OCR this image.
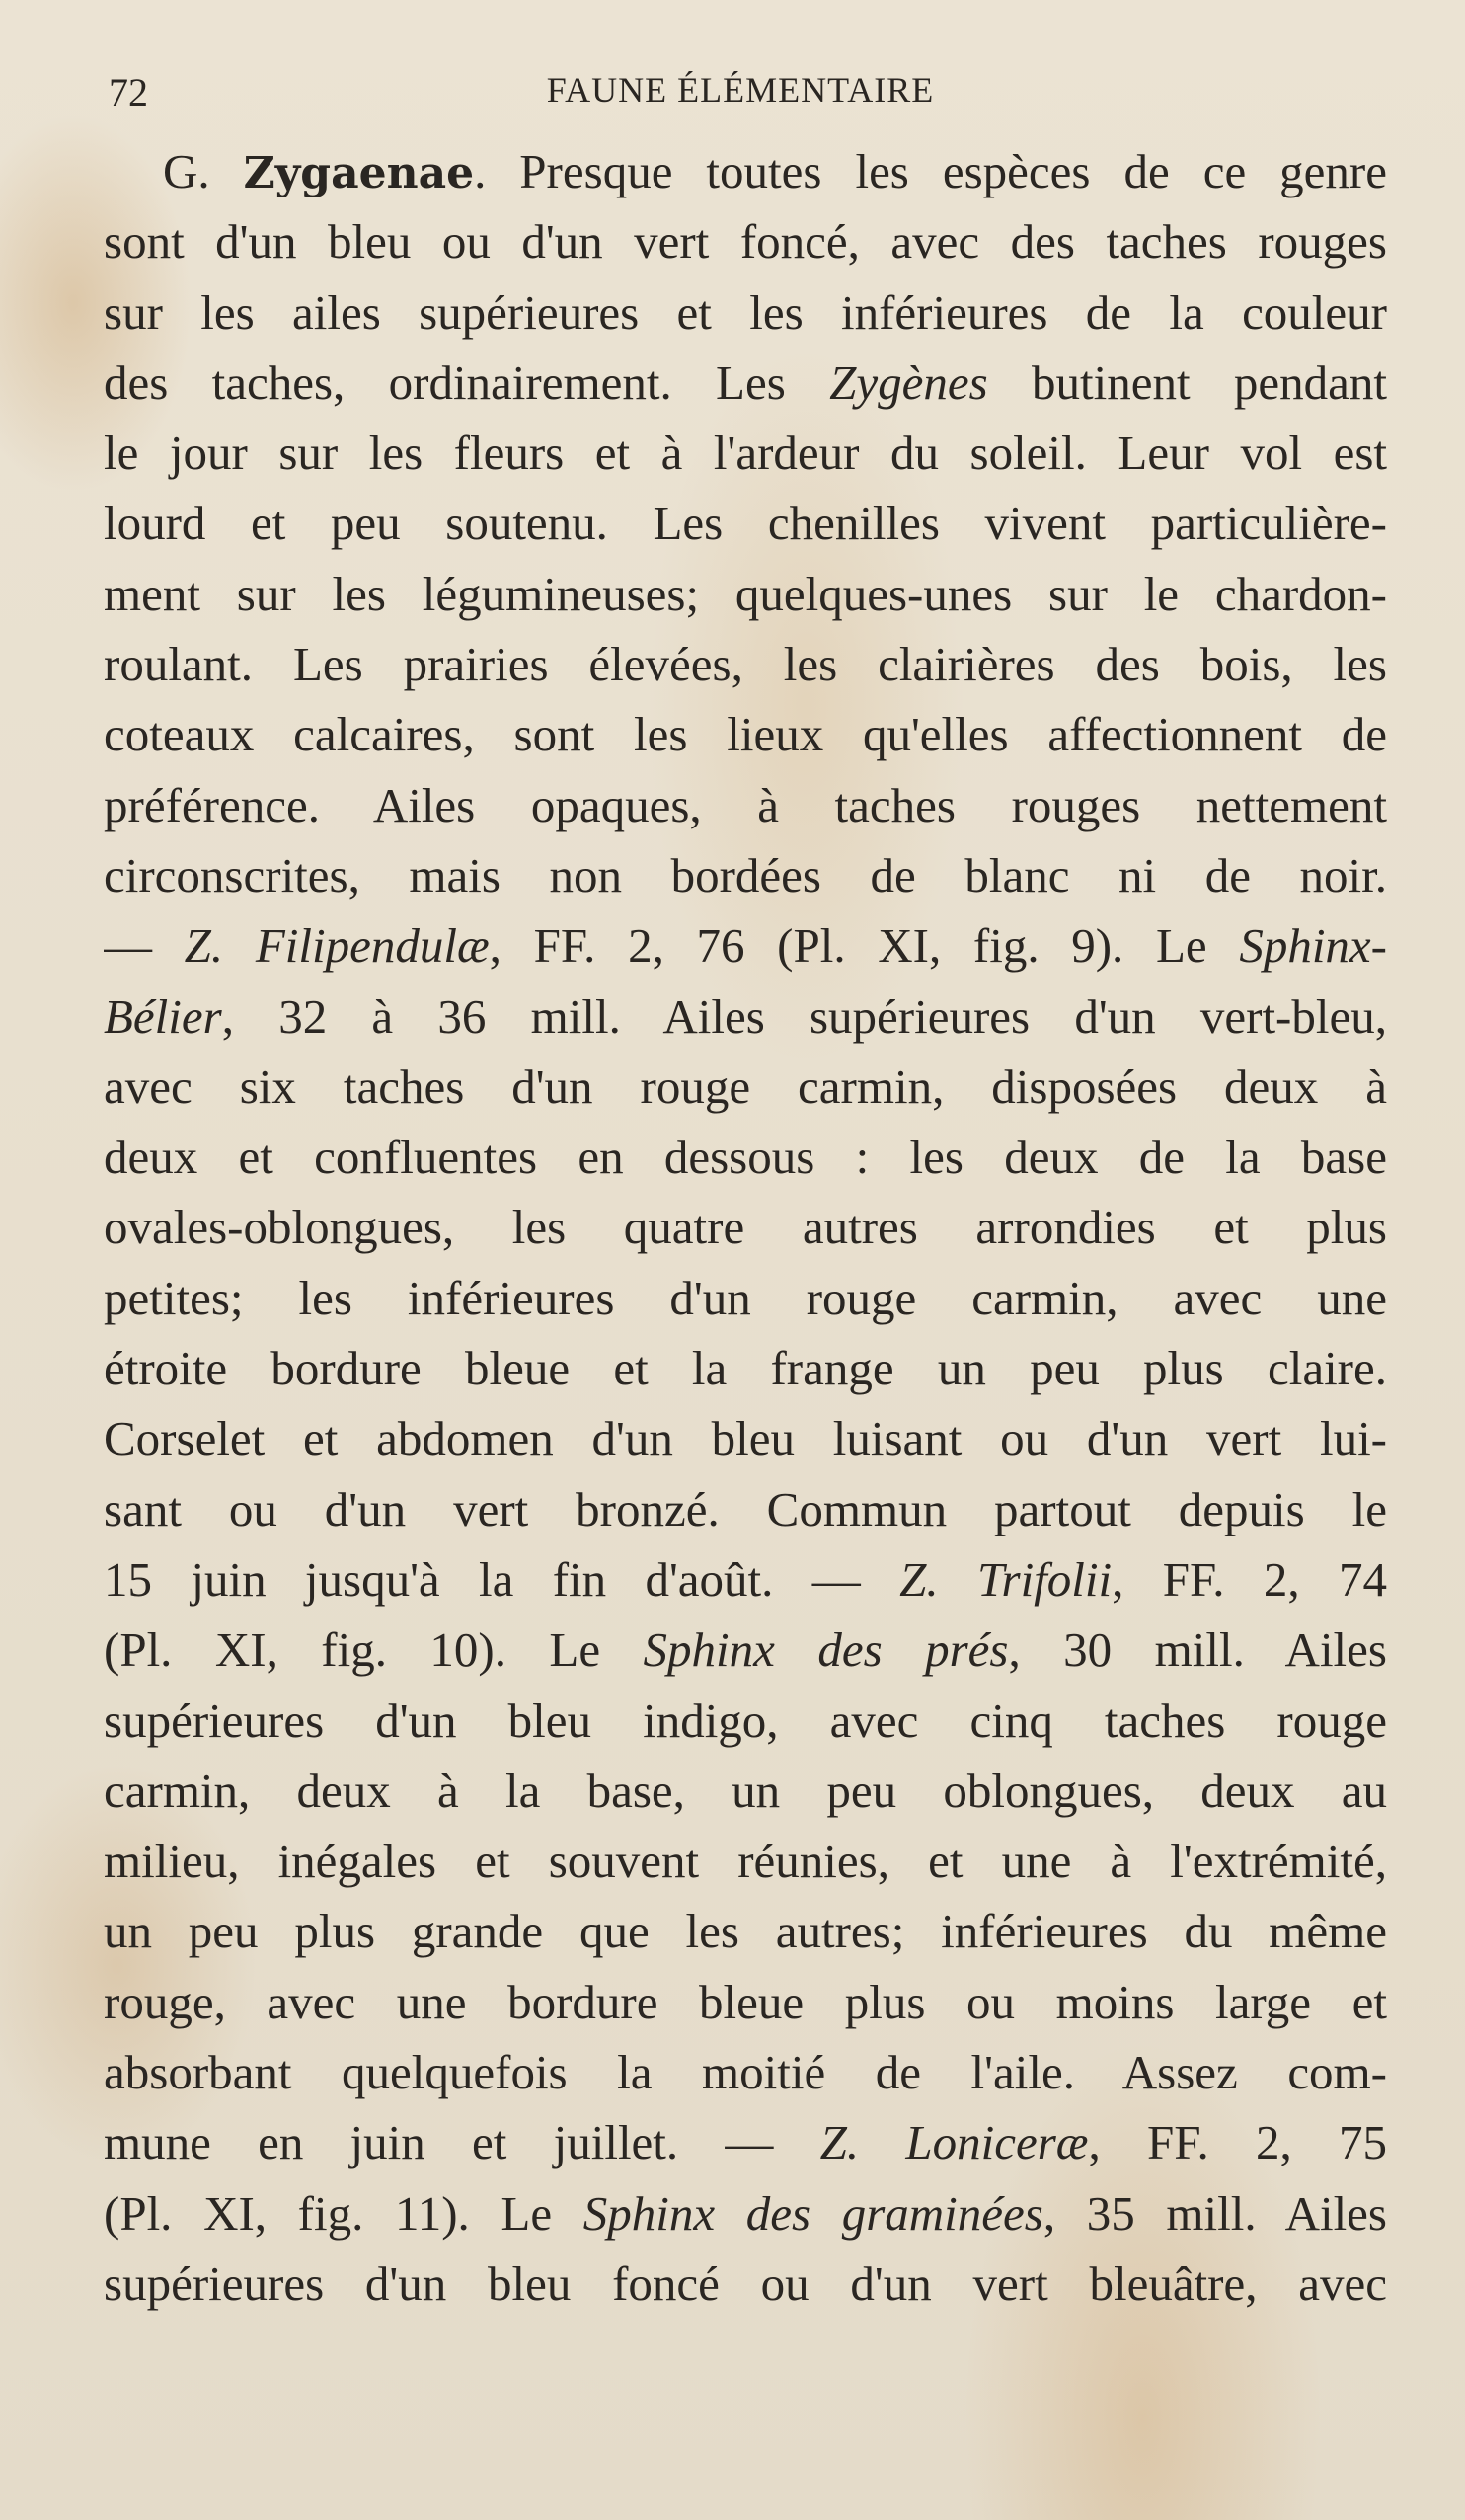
72	FAUNE ÉLÉMENTAIRE
G. Zygaenae. Presque toutes les espèces de ce genre
sont d'un bleu ou d'un vert foncé, avec des taches rouges
sur les ailes supérieures et les inférieures de la couleur
des taches, ordinairement. Les Zygènes butinent pendant
le jour sur les fleurs et à l'ardeur du soleil. Leur vol est
lourd et peu soutenu. Les chenilles vivent particulière-
ment sur les légumineuses; quelques-unes sur le chardon-
roulant. Les prairies élevées, les clairières des bois, les
coteaux calcaires, sont les lieux qu'elles affectionnent de
préférence. Ailes opaques, à taches rouges nettement
circonscrites, mais non bordées de blanc ni de noir.
— Z. Filipendulæ, FF. 2, 76 (Pl. XI, fig. 9). Le Sphinx-
Bélier, 32 à 36 mill. Ailes supérieures d'un vert-bleu,
avec six taches d'un rouge carmin, disposées deux à
deux et confluentes en dessous : les deux de la base
ovales-oblongues, les quatre autres arrondies et plus
petites; les inférieures d'un rouge carmin, avec une
étroite bordure bleue et la frange un peu plus claire.
Corselet et abdomen d'un bleu luisant ou d'un vert lui-
sant ou d'un vert bronzé. Commun partout depuis le
15 juin jusqu'à la fin d'août. — Z. Trifolii, FF. 2, 74
(Pl. XI, fig. 10). Le Sphinx des prés, 30 mill. Ailes
supérieures d'un bleu indigo, avec cinq taches rouge
carmin, deux à la base, un peu oblongues, deux au
milieu, inégales et souvent réunies, et une à l'extrémité,
un peu plus grande que les autres; inférieures du même
rouge, avec une bordure bleue plus ou moins large et
absorbant quelquefois la moitié de l'aile. Assez com-
mune en juin et juillet. — Z. Loniceræ, FF. 2, 75
(Pl. XI, fig. 11). Le Sphinx des graminées, 35 mill. Ailes
supérieures d'un bleu foncé ou d'un vert bleuâtre, avec
